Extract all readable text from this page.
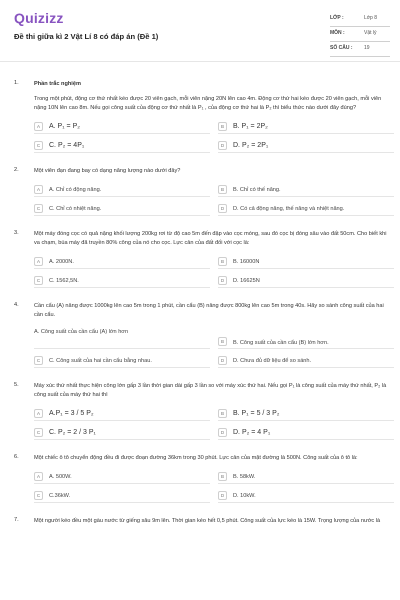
Quizizz
Đề thi giữa kì 2 Vật Lí 8 có đáp án (Đề 1)
LỚP :	Lớp 8
MÔN :	Vật lý
SỐ CÂU : 19
1.	Phần trắc nghiệm
Trong một phút, động cơ thứ nhất kéo được 20 viên gạch, mỗi viên nặng 20N lên cao 4m. Động cơ thứ hai kéo được 20 viên gạch, mỗi viên nặng 10N lên cao 8m. Nếu gọi công suất của động cơ thứ nhất là P₁ , của động cơ thứ hai là P₂ thì biểu thức nào dưới đây đúng?
A	A. P₁ = P₂	B	B. P₁ = 2P₂
C	C. P₂ = 4P₁	D	D. P₂ = 2P₁
2.	Một viên đạn đang bay có dạng năng lượng nào dưới đây?
A	A. Chỉ có động năng.	B	B. Chỉ có thế năng.
C	C. Chỉ có nhiệt năng.	D	D. Có cả động năng, thế năng và nhiệt năng.
3.	Một máy đóng cọc có quả nặng khối lượng 200kg rơi từ độ cao 5m đến đập vào cọc móng, sau đó cọc bị đóng sâu vào đất 50cm. Cho biết khi va chạm, búa máy đã truyền 80% công của nó cho cọc. Lực cản của đất đối với cọc là:
A	A. 2000N.	B	B. 16000N
C	C. 1562,5N.	D	D. 16625N
4.	Cần cẩu (A) nâng được 1000kg lên cao 5m trong 1 phút, cần cẩu (B) nâng được 800kg lên cao 5m trong 40s. Hãy so sánh công suất của hai cần cẩu.
A. Công suất của cần cẩu (A) lớn hơn
B	B. Công suất của cần cẩu (B) lớn hơn.
C	C. Công suất của hai cần cẩu bằng nhau.	D	D. Chưa đủ dữ liệu để so sánh.
5.	Máy xúc thứ nhất thực hiện công lớn gấp 3 lần thời gian dài gấp 3 lần so với máy xúc thứ hai. Nếu gọi P₁ là công suất của máy thứ nhất, P₂ là công suất của máy thứ hai thì
A	A.P₁ = 3 / 5 P₂	B	B. P₁ = 5 / 3 P₂
C	C. P₂ = 2 / 3 P₁	D	D. P₂ = 4 P₁
6.	Một chiếc ô tô chuyển động đều đi được đoạn đường 36km trong 30 phút. Lực cản của mặt đường là 500N. Công suất của ô tô là:
A	A. 500W.	B	B. 58kW.
C	C.36kW.	D	D. 10kW.
7.	Một người kéo đều một gàu nước từ giếng sâu 9m lên. Thời gian kéo hết 0,5 phút. Công suất của lực kéo là 15W. Trọng lượng của nước là
